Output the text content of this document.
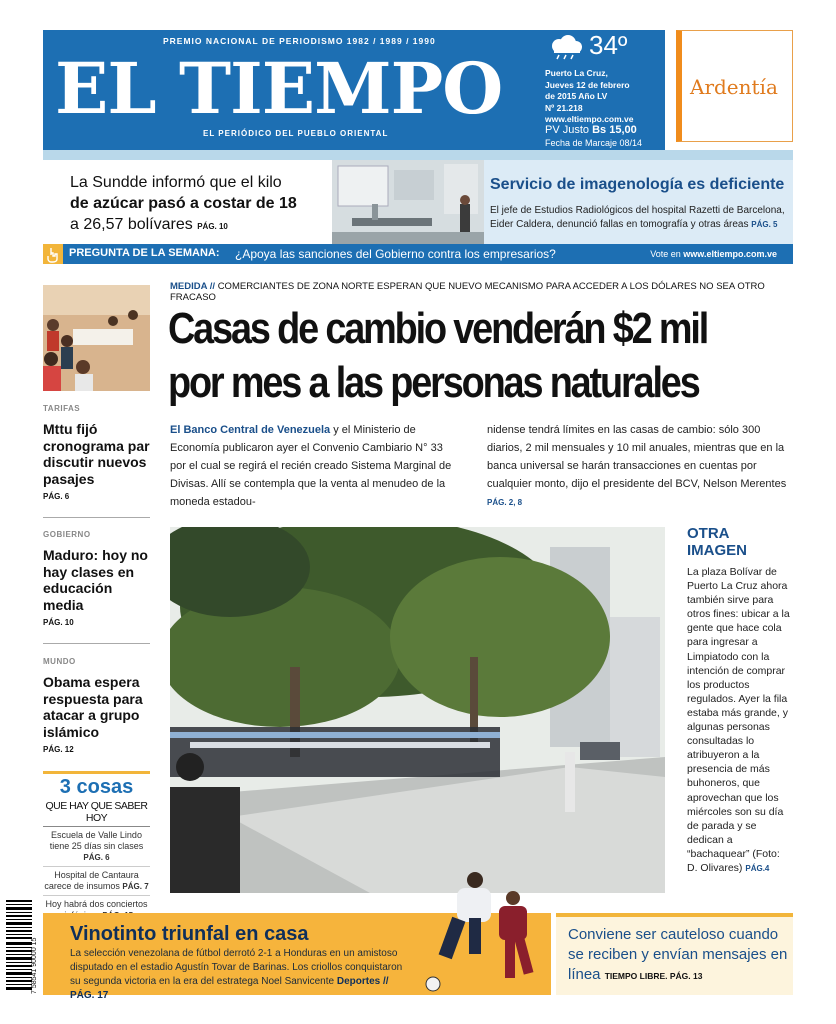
PREMIO NACIONAL DE PERIODISMO 1982 / 1989 / 1990
EL TIEMPO
EL PERIÓDICO DEL PUEBLO ORIENTAL
34º
Puerto La Cruz,
Jueves 12 de febrero
de 2015 Año LV
Nº 21.218
www.eltiempo.com.ve
PV Justo Bs 15,00
Fecha de Marcaje 08/14
Ardentía
La Sundde informó que el kilo
de azúcar pasó a costar de 18
a 26,57 bolívares PÁG. 10
Servicio de imagenología es deficiente
El jefe de Estudios Radiológicos del hospital Razetti de Barcelona, Eider Caldera, denunció fallas en tomografía y otras áreas PÁG. 5
PREGUNTA DE LA SEMANA: ¿Apoya las sanciones del Gobierno contra los empresarios?	Vote en www.eltiempo.com.ve
TARIFAS
Mttu fijó cronograma par discutir nuevos pasajes
PÁG. 6
GOBIERNO
Maduro: hoy no hay clases en educación media
PÁG. 10
MUNDO
Obama espera respuesta para atacar a grupo islámico
PÁG. 12
3 cosas
QUE HAY QUE SABER HOY
Escuela de Valle Lindo tiene 25 días sin clases PÁG. 6
Hospital de Cantaura carece de insumos PÁG. 7
Hoy habrá dos conciertos
7 58541 90000 15
MEDIDA // COMERCIANTES DE ZONA NORTE ESPERAN QUE NUEVO MECANISMO PARA ACCEDER A LOS DÓLARES NO SEA OTRO FRACASO
Casas de cambio venderán $2 mil
por mes a las personas naturales
El Banco Central de Venezuela y el Ministerio de Economía publicaron ayer el Convenio Cambiario N° 33 por el cual se regirá el recién creado Sistema Marginal de Divisas. Allí se contempla que la venta al menudeo de la moneda estadou-
nidense tendrá límites en las casas de cambio: sólo 300 diarios, 2 mil mensuales y 10 mil anuales, mientras que en la banca universal se harán transacciones en cuentas por cualquier monto, dijo el presidente del BCV, Nelson Merentes PÁG. 2, 8
OTRA
IMAGEN
La plaza Bolívar de Puerto La Cruz ahora también sirve para otros fines: ubicar a la gente que hace cola para ingresar a Limpiatodo con la intención de comprar los productos regulados. Ayer la fila estaba más grande, y algunas personas consultadas lo atribuyeron a la presencia de más buhoneros, que aprovechan que los miércoles son su día de parada y se dedican a “bachaquear” (Foto: D. Olivares) PÁG.4
Vinotinto triunfal en casa
La selección venezolana de fútbol derrotó 2-1 a Honduras en un amistoso disputado en el estadio Agustín Tovar de Barinas. Los criollos conquistaron su segunda victoria en la era del estratega Noel Sanvicente Deportes // PÁG. 17
Conviene ser cauteloso cuando se reciben y envían mensajes en línea TIEMPO LIBRE. PÁG. 13
